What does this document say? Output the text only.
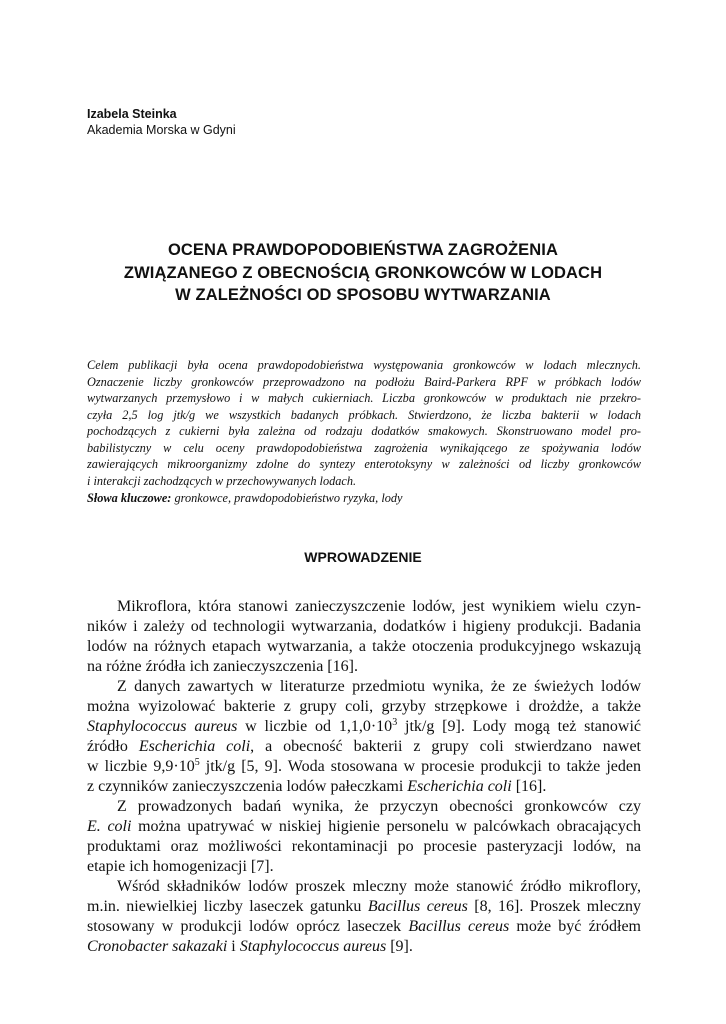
Izabela Steinka
Akademia Morska w Gdyni
OCENA PRAWDOPODOBIEŃSTWA ZAGROŻENIA
ZWIĄZANEGO Z OBECNOŚCIĄ GRONKOWCÓW W LODACH
W ZALEŻNOŚCI OD SPOSOBU WYTWARZANIA
Celem publikacji była ocena prawdopodobieństwa występowania gronkowców w lodach mlecznych.
Oznaczenie liczby gronkowców przeprowadzono na podłożu Baird-Parkera RPF w próbkach lodów
wytwarzanych przemysłowo i w małych cukierniach. Liczba gronkowców w produktach nie przekro-
czyła 2,5 log jtk/g we wszystkich badanych próbkach. Stwierdzono, że liczba bakterii w lodach
pochodzących z cukierni była zależna od rodzaju dodatków smakowych. Skonstruowano model pro-
babilistyczny w celu oceny prawdopodobieństwa zagrożenia wynikającego ze spożywania lodów
zawierających mikroorganizmy zdolne do syntezy enterotoksyny w zależności od liczby gronkowców
i interakcji zachodzących w przechowywanych lodach.
Słowa kluczowe: gronkowce, prawdopodobieństwo ryzyka, lody
WPROWADZENIE
Mikroflora, która stanowi zanieczyszczenie lodów, jest wynikiem wielu czyn-
ników i zależy od technologii wytwarzania, dodatków i higieny produkcji. Badania
lodów na różnych etapach wytwarzania, a także otoczenia produkcyjnego wskazują
na różne źródła ich zanieczyszczenia [16].
Z danych zawartych w literaturze przedmiotu wynika, że ze świeżych lodów
można wyizolować bakterie z grupy coli, grzyby strzępkowe i drożdże, a także
Staphylococcus aureus w liczbie od $1,1,0\cdot 10^3$ jtk/g [9]. Lody mogą też stanowić
źródło Escherichia coli, a obecność bakterii z grupy coli stwierdzano nawet
w liczbie $9,9\cdot 10^5$ jtk/g [5, 9]. Woda stosowana w procesie produkcji to także jeden
z czynników zanieczyszczenia lodów pałeczkami Escherichia coli [16].
Z prowadzonych badań wynika, że przyczyn obecności gronkowców czy
E. coli można upatrywać w niskiej higienie personelu w palcówkach obracających
produktami oraz możliwości rekontaminacji po procesie pasteryzacji lodów, na
etapie ich homogenizacji [7].
Wśród składników lodów proszek mleczny może stanowić źródło mikroflory,
m.in. niewielkiej liczby laseczek gatunku Bacillus cereus [8, 16]. Proszek mleczny
stosowany w produkcji lodów oprócz laseczek Bacillus cereus może być źródłem
Cronobacter sakazaki i Staphylococcus aureus [9].
